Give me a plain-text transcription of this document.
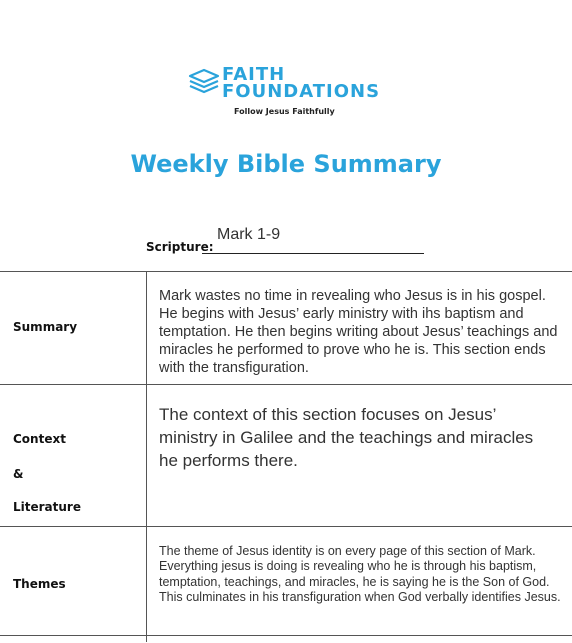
FAITH
FOUNDATIONS
Follow Jesus Faithfully
Weekly Bible Summary
Mark 1-9
Scripture:
Summary
Mark wastes no time in revealing who Jesus is in his gospel. He begins with Jesus’ early ministry with ihs baptism and temptation. He then begins writing about Jesus’ teachings and miracles he performed to prove who he is. This section ends with the transfiguration.
Context
&
Literature
The context of this section focuses on Jesus’ ministry in Galilee and the teachings and miracles he performs there.
Themes
The theme of Jesus identity is on every page of this section of Mark. Everything jesus is doing is revealing who he is through his baptism, temptation, teachings, and miracles, he is saying he is the Son of God. This culminates in his transfiguration when God verbally identifies Jesus.
